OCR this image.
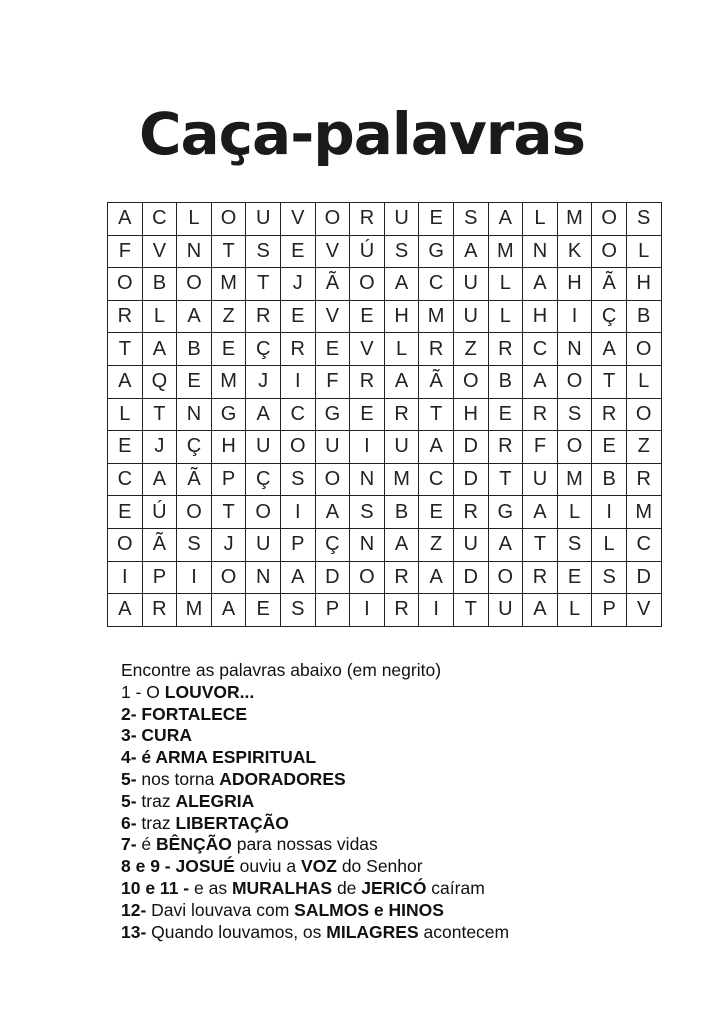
Caça-palavras
A	C	L	O	U	V	O	R	U	E	S	A	L	M	O	S
F	V	N	T	S	E	V	Ú	S	G	A	M	N	K	O	L
O	B	O	M	T	J	Ã	O	A	C	U	L	A	H	Ã	H
R	L	A	Z	R	E	V	E	H	M	U	L	H	I	Ç	B
T	A	B	E	Ç	R	E	V	L	R	Z	R	C	N	A	O
A	Q	E	M	J	I	F	R	A	Ã	O	B	A	O	T	L
L	T	N	G	A	C	G	E	R	T	H	E	R	S	R	O
E	J	Ç	H	U	O	U	I	U	A	D	R	F	O	E	Z
C	A	Ã	P	Ç	S	O	N	M	C	D	T	U	M	B	R
E	Ú	O	T	O	I	A	S	B	E	R	G	A	L	I	M
O	Ã	S	J	U	P	Ç	N	A	Z	U	A	T	S	L	C
I	P	I	O	N	A	D	O	R	A	D	O	R	E	S	D
A	R	M	A	E	S	P	I	R	I	T	U	A	L	P	V
Encontre as palavras abaixo (em negrito)
1 - O LOUVOR...
2- FORTALECE
3- CURA
4- é ARMA ESPIRITUAL
5- nos torna ADORADORES
5- traz ALEGRIA
6- traz LIBERTAÇÃO
7- é BÊNÇÃO para nossas vidas
8 e 9 - JOSUÉ ouviu a VOZ do Senhor
10 e 11 - e as MURALHAS de JERICÓ caíram
12- Davi louvava com SALMOS e HINOS
13- Quando louvamos, os MILAGRES acontecem
